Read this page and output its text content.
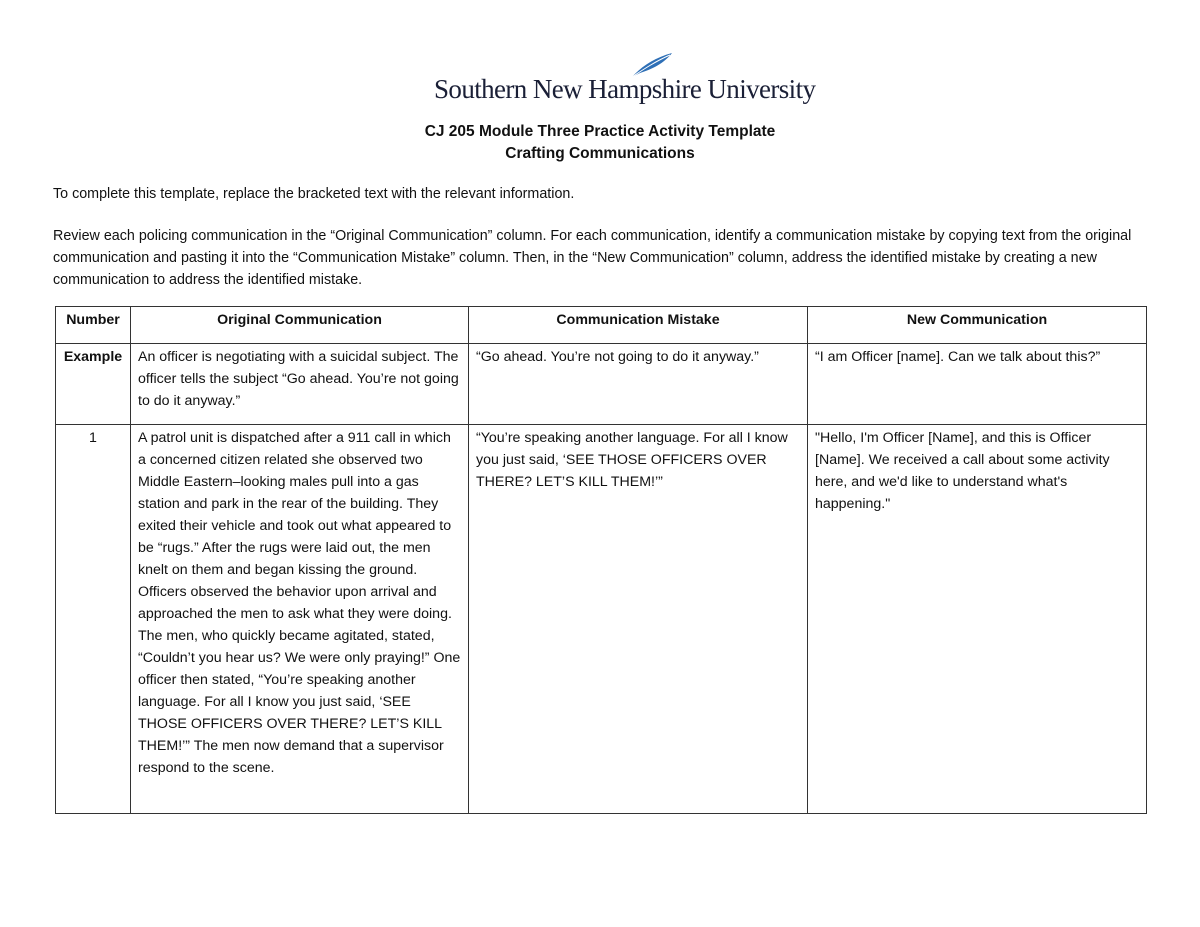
Southern New Hampshire University
CJ 205 Module Three Practice Activity Template
Crafting Communications

To complete this template, replace the bracketed text with the relevant information.

Review each policing communication in the “Original Communication” column. For each communication, identify a communication mistake by copying text from the original communication and pasting it into the “Communication Mistake” column. Then, in the “New Communication” column, address the identified mistake by creating a new communication to address the identified mistake.

Number	Original Communication	Communication Mistake	New Communication
Example	An officer is negotiating with a suicidal subject. The officer tells the subject “Go ahead. You’re not going to do it anyway.”	“Go ahead. You’re not going to do it anyway.”	“I am Officer [name]. Can we talk about this?”
1	A patrol unit is dispatched after a 911 call in which a concerned citizen related she observed two Middle Eastern–looking males pull into a gas station and park in the rear of the building. They exited their vehicle and took out what appeared to be “rugs.” After the rugs were laid out, the men knelt on them and began kissing the ground. Officers observed the behavior upon arrival and approached the men to ask what they were doing. The men, who quickly became agitated, stated, “Couldn’t you hear us? We were only praying!” One officer then stated, “You’re speaking another language. For all I know you just said, ‘SEE THOSE OFFICERS OVER THERE? LET’S KILL THEM!’” The men now demand that a supervisor respond to the scene.	“You’re speaking another language. For all I know you just said, ‘SEE THOSE OFFICERS OVER THERE? LET’S KILL THEM!’”	"Hello, I'm Officer [Name], and this is Officer [Name]. We received a call about some activity here, and we'd like to understand what's happening."
